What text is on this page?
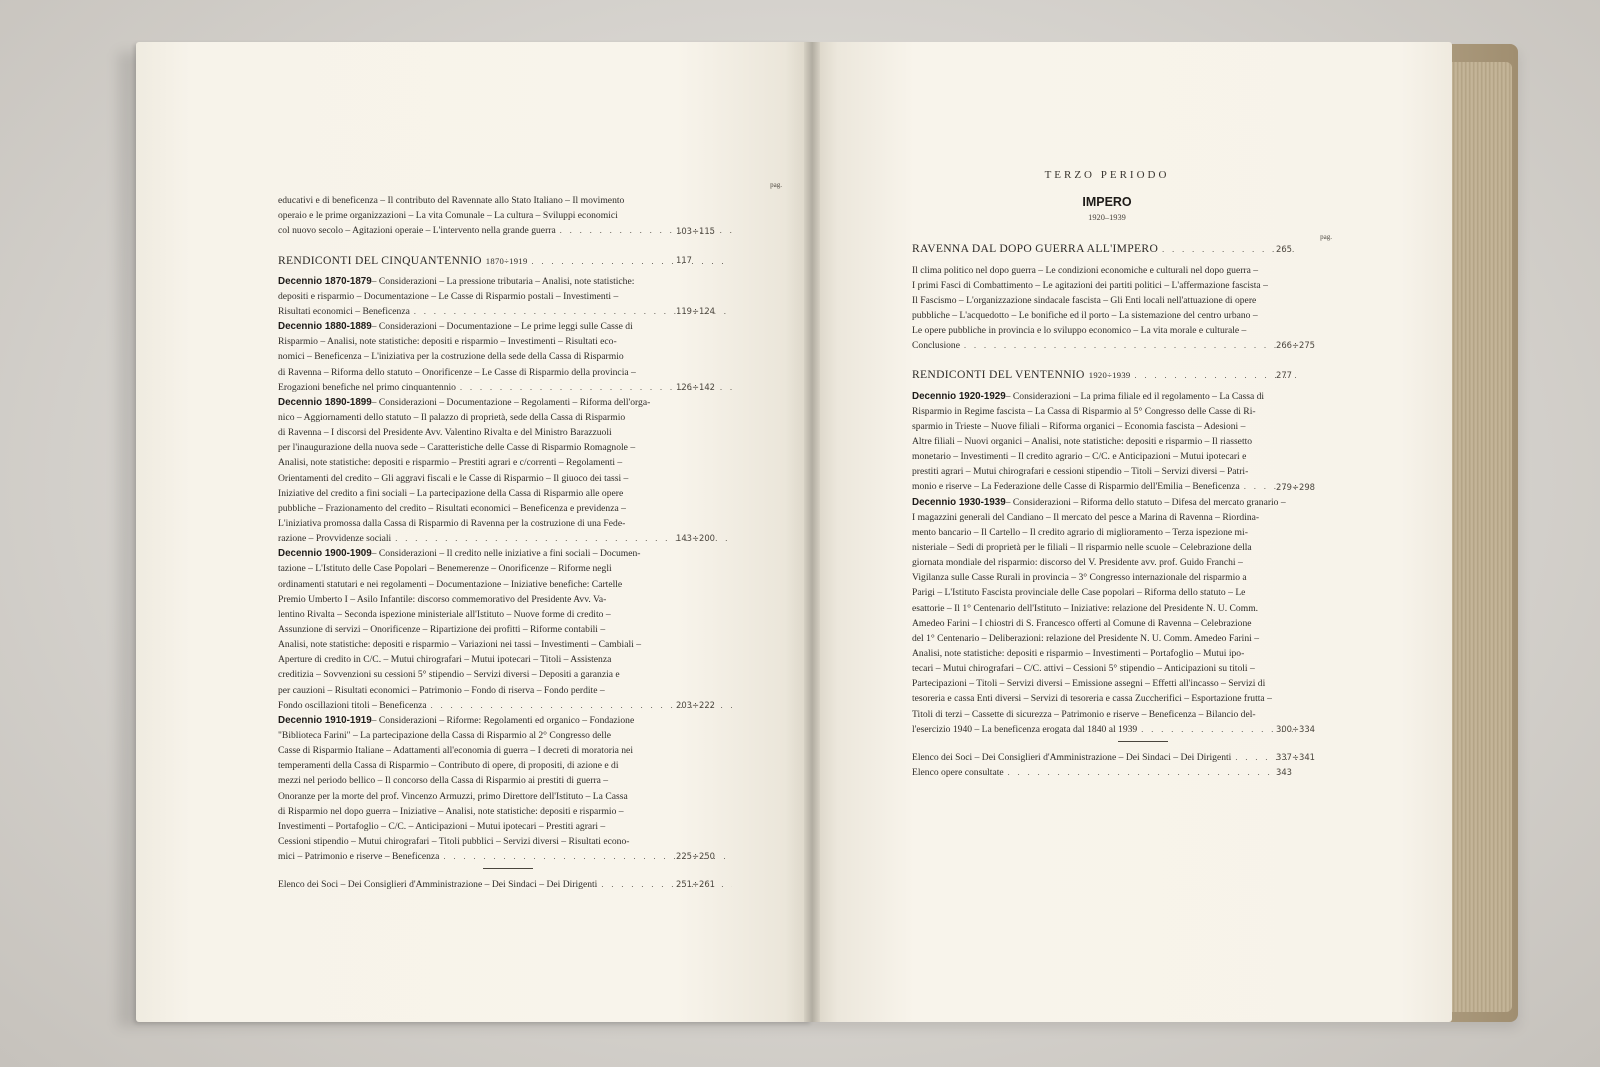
pag.
educativi e di beneficenza – Il contributo del Ravennate allo Stato Italiano – Il movimento
operaio e le prime organizzazioni – La vita Comunale – La cultura – Sviluppi economici
col nuovo secolo – Agitazioni operaie – L'intervento nella grande guerra
. . .
RENDICONTI DEL CINQUANTENNIO 1870÷1919
. . .
Decennio 1870-1879 – Considerazioni – La pressione tributaria – Analisi, note statistiche:
depositi e risparmio – Documentazione – Le Casse di Risparmio postali – Investimenti –
Risultati economici – Beneficenza
. . .
Decennio 1880-1889 – Considerazioni – Documentazione – Le prime leggi sulle Casse di
Risparmio – Analisi, note statistiche: depositi e risparmio – Investimenti – Risultati eco-
nomici – Beneficenza – L'iniziativa per la costruzione della sede della Cassa di Risparmio
di Ravenna – Riforma dello statuto – Onorificenze – Le Casse di Risparmio della provincia –
Erogazioni benefiche nel primo cinquantennio
. . .
Decennio 1890-1899 – Considerazioni – Documentazione – Regolamenti – Riforma dell'orga-
nico – Aggiornamenti dello statuto – Il palazzo di proprietà, sede della Cassa di Risparmio
di Ravenna – I discorsi del Presidente Avv. Valentino Rivalta e del Ministro Barazzuoli
per l'inaugurazione della nuova sede – Caratteristiche delle Casse di Risparmio Romagnole –
Analisi, note statistiche: depositi e risparmio – Prestiti agrari e c/correnti – Regolamenti –
Orientamenti del credito – Gli aggravi fiscali e le Casse di Risparmio – Il giuoco dei tassi –
Iniziative del credito a fini sociali – La partecipazione della Cassa di Risparmio alle opere
pubbliche – Frazionamento del credito – Risultati economici – Beneficenza e previdenza –
L'iniziativa promossa dalla Cassa di Risparmio di Ravenna per la costruzione di una Fede-
razione – Provvidenze sociali
. . .
Decennio 1900-1909 – Considerazioni – Il credito nelle iniziative a fini sociali – Documen-
tazione – L'Istituto delle Case Popolari – Benemerenze – Onorificenze – Riforme negli
ordinamenti statutari e nei regolamenti – Documentazione – Iniziative benefiche: Cartelle
Premio Umberto I – Asilo Infantile: discorso commemorativo del Presidente Avv. Va-
lentino Rivalta – Seconda ispezione ministeriale all'Istituto – Nuove forme di credito –
Assunzione di servizi – Onorificenze – Ripartizione dei profitti – Riforme contabili –
Analisi, note statistiche: depositi e risparmio – Variazioni nei tassi – Investimenti – Cambiali –
Aperture di credito in C/C. – Mutui chirografari – Mutui ipotecari – Titoli – Assistenza
creditizia – Sovvenzioni su cessioni 5° stipendio – Servizi diversi – Depositi a garanzia e
per cauzioni – Risultati economici – Patrimonio – Fondo di riserva – Fondo perdite –
Fondo oscillazioni titoli – Beneficenza
. . .
Decennio 1910-1919 – Considerazioni – Riforme: Regolamenti ed organico – Fondazione
"Biblioteca Farini" – La partecipazione della Cassa di Risparmio al 2° Congresso delle
Casse di Risparmio Italiane – Adattamenti all'economia di guerra – I decreti di moratoria nei
temperamenti della Cassa di Risparmio – Contributo di opere, di propositi, di azione e di
mezzi nel periodo bellico – Il concorso della Cassa di Risparmio ai prestiti di guerra –
Onoranze per la morte del prof. Vincenzo Armuzzi, primo Direttore dell'Istituto – La Cassa
di Risparmio nel dopo guerra – Iniziative – Analisi, note statistiche: depositi e risparmio –
Investimenti – Portafoglio – C/C. – Anticipazioni – Mutui ipotecari – Prestiti agrari –
Cessioni stipendio – Mutui chirografari – Titoli pubblici – Servizi diversi – Risultati econo-
mici – Patrimonio e riserve – Beneficenza
. . .
Elenco dei Soci – Dei Consiglieri d'Amministrazione – Dei Sindaci – Dei Dirigenti
. . .
103÷115
117
119÷124
126÷142
143÷200
203÷222
225÷250
251÷261
TERZO PERIODO
IMPERO
1920–1939
pag.
RAVENNA DAL DOPO GUERRA ALL'IMPERO
. . .
Il clima politico nel dopo guerra – Le condizioni economiche e culturali nel dopo guerra –
I primi Fasci di Combattimento – Le agitazioni dei partiti politici – L'affermazione fascista –
Il Fascismo – L'organizzazione sindacale fascista – Gli Enti locali nell'attuazione di opere
pubbliche – L'acquedotto – Le bonifiche ed il porto – La sistemazione del centro urbano –
Le opere pubbliche in provincia e lo sviluppo economico – La vita morale e culturale –
Conclusione
. . .
RENDICONTI DEL VENTENNIO 1920÷1939
. . .
Decennio 1920-1929 – Considerazioni – La prima filiale ed il regolamento – La Cassa di
Risparmio in Regime fascista – La Cassa di Risparmio al 5° Congresso delle Casse di Ri-
sparmio in Trieste – Nuove filiali – Riforma organici – Economia fascista – Adesioni –
Altre filiali – Nuovi organici – Analisi, note statistiche: depositi e risparmio – Il riassetto
monetario – Investimenti – Il credito agrario – C/C. e Anticipazioni – Mutui ipotecari e
prestiti agrari – Mutui chirografari e cessioni stipendio – Titoli – Servizi diversi – Patri-
monio e riserve – La Federazione delle Casse di Risparmio dell'Emilia – Beneficenza
. . .
Decennio 1930-1939 – Considerazioni – Riforma dello statuto – Difesa del mercato granario –
I magazzini generali del Candiano – Il mercato del pesce a Marina di Ravenna – Riordina-
mento bancario – Il Cartello – Il credito agrario di miglioramento – Terza ispezione mi-
nisteriale – Sedi di proprietà per le filiali – Il risparmio nelle scuole – Celebrazione della
giornata mondiale del risparmio: discorso del V. Presidente avv. prof. Guido Franchi –
Vigilanza sulle Casse Rurali in provincia – 3° Congresso internazionale del risparmio a
Parigi – L'Istituto Fascista provinciale delle Case popolari – Riforma dello statuto – Le
esattorie – Il 1° Centenario dell'Istituto – Iniziative: relazione del Presidente N. U. Comm.
Amedeo Farini – I chiostri di S. Francesco offerti al Comune di Ravenna – Celebrazione
del 1° Centenario – Deliberazioni: relazione del Presidente N. U. Comm. Amedeo Farini –
Analisi, note statistiche: depositi e risparmio – Investimenti – Portafoglio – Mutui ipo-
tecari – Mutui chirografari – C/C. attivi – Cessioni 5° stipendio – Anticipazioni su titoli –
Partecipazioni – Titoli – Servizi diversi – Emissione assegni – Effetti all'incasso – Servizi di
tesoreria e cassa Enti diversi – Servizi di tesoreria e cassa Zuccherifici – Esportazione frutta –
Titoli di terzi – Cassette di sicurezza – Patrimonio e riserve – Beneficenza – Bilancio del-
l'esercizio 1940 – La beneficenza erogata dal 1840 al 1939
. . .
Elenco dei Soci – Dei Consiglieri d'Amministrazione – Dei Sindaci – Dei Dirigenti
. . .
Elenco opere consultate
. . .
265
266÷275
277
279÷298
300÷334
337÷341
343
